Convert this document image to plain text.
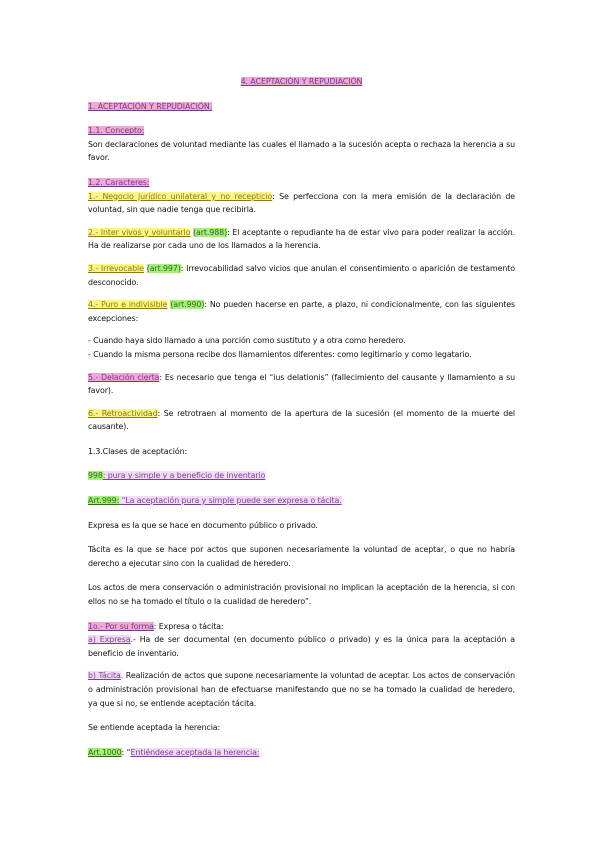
4. ACEPTACIÓN Y REPUDIACIÓN

1. ACEPTACIÓN Y REPUDIACIÓN.

1.1. Concepto:

Son declaraciones de voluntad mediante las cuales el llamado a la sucesión acepta o rechaza la herencia a su favor.

1.2. Caracteres:

1.- Negocio jurídico unilateral y no recepticio: Se perfecciona con la mera emisión de la declaración de voluntad, sin que nadie tenga que recibirla.

2.- Inter vivos y voluntario (art.988): El aceptante o repudiante ha de estar vivo para poder realizar la acción. Ha de realizarse por cada uno de los llamados a la herencia.

3.- Irrevocable (art.997): Irrevocabilidad salvo vicios que anulan el consentimiento o aparición de testamento desconocido.

4.- Puro e indivisible (art.990): No pueden hacerse en parte, a plazo, ni condicionalmente, con las siguientes excepciones:

- Cuando haya sido llamado a una porción como sustituto y a otra como heredero.

- Cuando la misma persona recibe dos llamamientos diferentes: como legitimario y como legatario.

5.- Delación cierta: Es necesario que tenga el “ius delationis” (fallecimiento del causante y llamamiento a su favor).

6.- Retroactividad: Se retrotraen al momento de la apertura de la sucesión (el momento de la muerte del causante).

1.3.Clases de aceptación:

998: pura y simple y a beneficio de inventario

Art.999: “La aceptación pura y simple puede ser expresa o tácita.

Expresa es la que se hace en documento público o privado.

Tácita es la que se hace por actos que suponen necesariamente la voluntad de aceptar, o que no habría derecho a ejecutar sino con la cualidad de heredero.

Los actos de mera conservación o administración provisional no implican la aceptación de la herencia, si con ellos no se ha tomado el título o la cualidad de heredero”.

1o.- Por su forma: Expresa o tácita:

a) Expresa.- Ha de ser documental (en documento público o privado) y es la única para la aceptación a beneficio de inventario.

b) Tácita. Realización de actos que supone necesariamente la voluntad de aceptar. Los actos de conservación o administración provisional han de efectuarse manifestando que no se ha tomado la cualidad de heredero, ya que si no, se entiende aceptación tácita.

Se entiende aceptada la herencia:

Art.1000: “Entiéndese aceptada la herencia:
